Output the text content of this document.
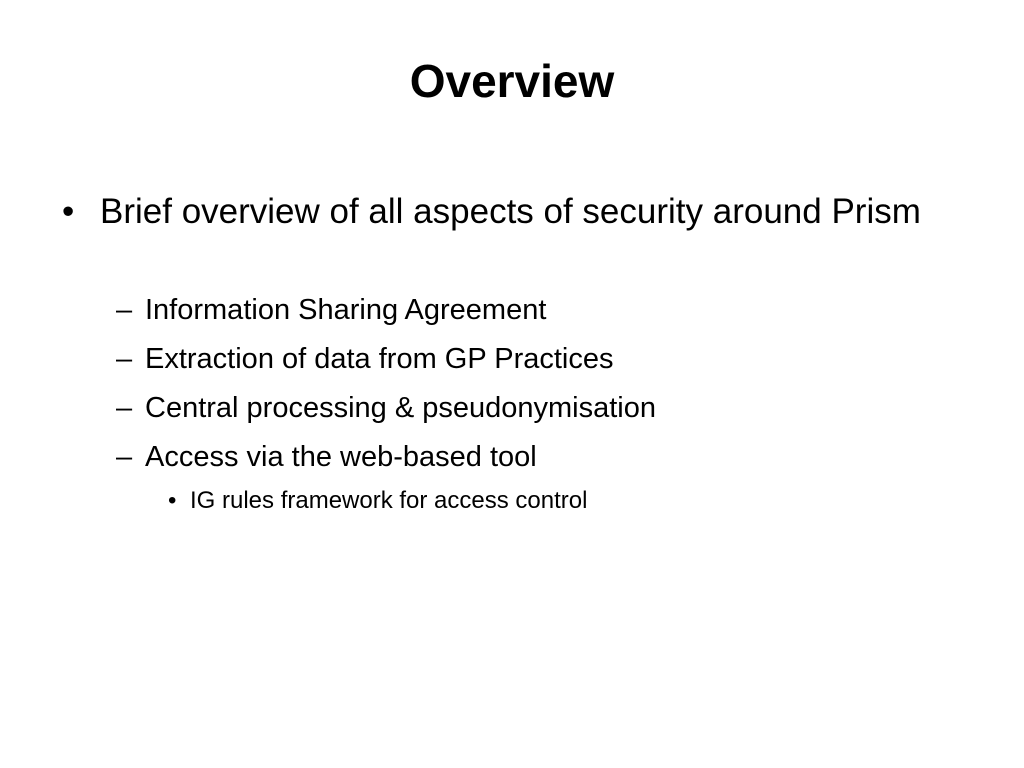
Overview
• Brief overview of all aspects of security around Prism
– Information Sharing Agreement
– Extraction of data from GP Practices
– Central processing & pseudonymisation
– Access via the web-based tool
• IG rules framework for access control
